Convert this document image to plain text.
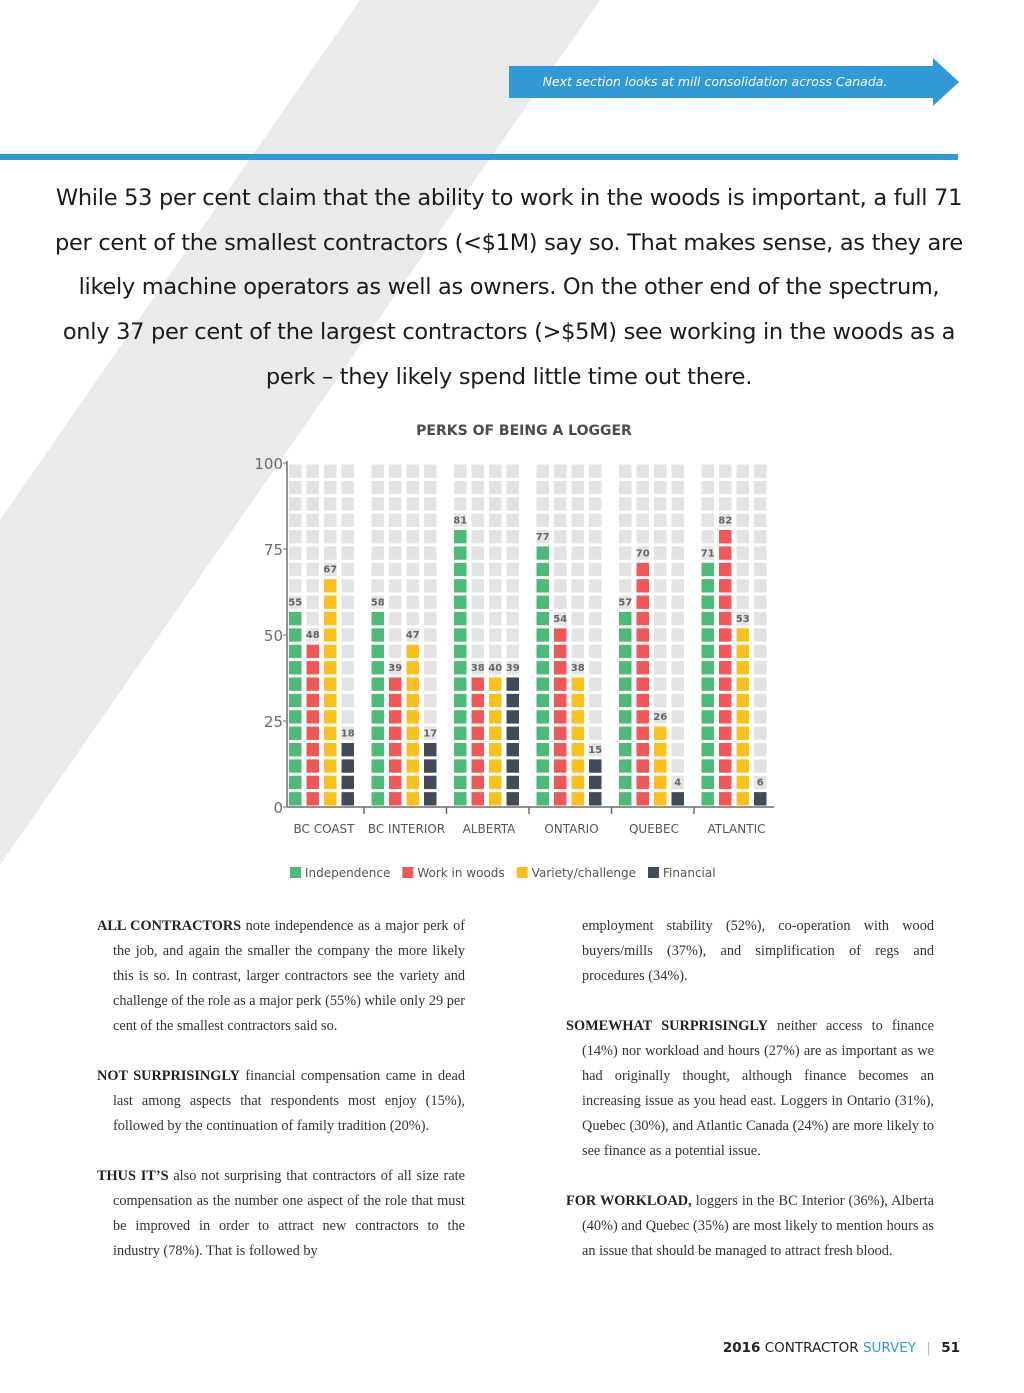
Next section looks at mill consolidation across Canada.

While 53 per cent claim that the ability to work in the woods is important, a full 71 per cent of the smallest contractors (<$1M) say so. That makes sense, as they are likely machine operators as well as owners. On the other end of the spectrum, only 37 per cent of the largest contractors (>$5M) see working in the woods as a perk – they likely spend little time out there.

PERKS OF BEING A LOGGER
0
25
50
75
100
BC COAST
55
48
67
18
BC INTERIOR
58
39
47
17
ALBERTA
81
38 40 39
ONTARIO
77
54
38
15
QUEBEC
57
70
26
4
ATLANTIC
71
82
53
6
Independence Work in woods Variety/challenge Financial

ALL CONTRACTORS note independence as a major perk of the job, and again the smaller the company the more likely this is so. In contrast, larger contractors see the variety and challenge of the role as a major perk (55%) while only 29 per cent of the smallest contractors said so.

NOT SURPRISINGLY financial compensation came in dead last among aspects that respondents most enjoy (15%), followed by the continuation of family tradition (20%).

THUS IT’S also not surprising that contractors of all size rate compensation as the number one aspect of the role that must be improved in order to attract new contractors to the industry (78%). That is followed by

employment stability (52%), co-operation with wood buyers/mills (37%), and simplification of regs and procedures (34%).

SOMEWHAT SURPRISINGLY neither access to finance (14%) nor workload and hours (27%) are as important as we had originally thought, although finance becomes an increasing issue as you head east. Loggers in Ontario (31%), Quebec (30%), and Atlantic Canada (24%) are more likely to see finance as a potential issue.

FOR WORKLOAD, loggers in the BC Interior (36%), Alberta (40%) and Quebec (35%) are most likely to mention hours as an issue that should be managed to attract fresh blood.

2016 CONTRACTOR SURVEY | 51
